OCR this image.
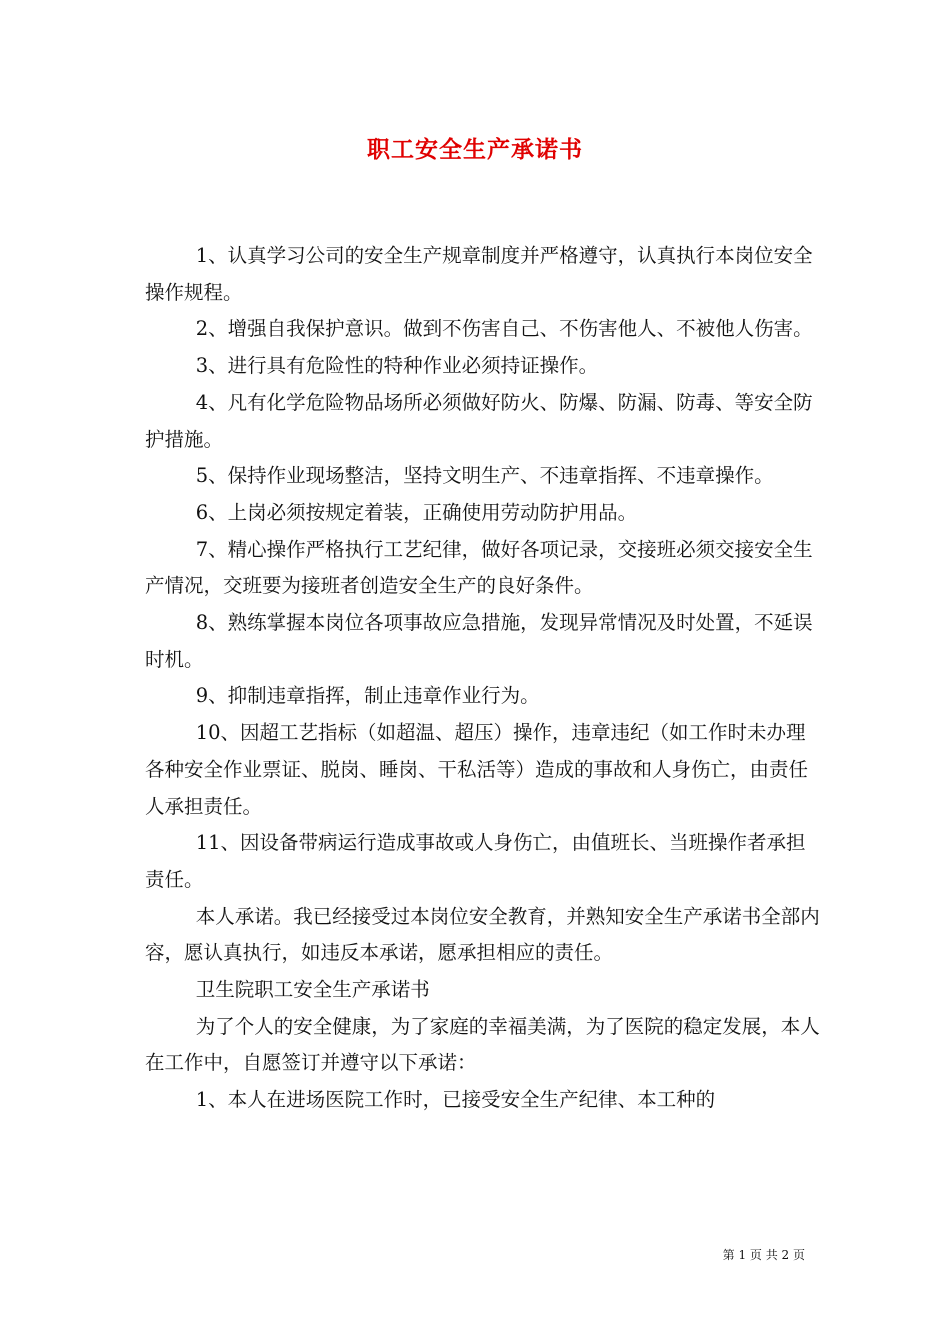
职工安全生产承诺书

1、认真学习公司的安全生产规章制度并严格遵守，认真执行本岗位安全操作规程。

2、增强自我保护意识。做到不伤害自己、不伤害他人、不被他人伤害。

3、进行具有危险性的特种作业必须持证操作。

4、凡有化学危险物品场所必须做好防火、防爆、防漏、防毒、等安全防护措施。

5、保持作业现场整洁，坚持文明生产、不违章指挥、不违章操作。

6、上岗必须按规定着装，正确使用劳动防护用品。

7、精心操作严格执行工艺纪律，做好各项记录，交接班必须交接安全生产情况，交班要为接班者创造安全生产的良好条件。

8、熟练掌握本岗位各项事故应急措施，发现异常情况及时处置，不延误时机。

9、抑制违章指挥，制止违章作业行为。

10、因超工艺指标（如超温、超压）操作，违章违纪（如工作时未办理各种安全作业票证、脱岗、睡岗、干私活等）造成的事故和人身伤亡，由责任人承担责任。

11、因设备带病运行造成事故或人身伤亡，由值班长、当班操作者承担责任。

本人承诺。我已经接受过本岗位安全教育，并熟知安全生产承诺书全部内容，愿认真执行，如违反本承诺，愿承担相应的责任。

卫生院职工安全生产承诺书

为了个人的安全健康，为了家庭的幸福美满，为了医院的稳定发展，本人在工作中，自愿签订并遵守以下承诺：

1、本人在进场医院工作时，已接受安全生产纪律、本工种的

第 1 页 共 2 页
